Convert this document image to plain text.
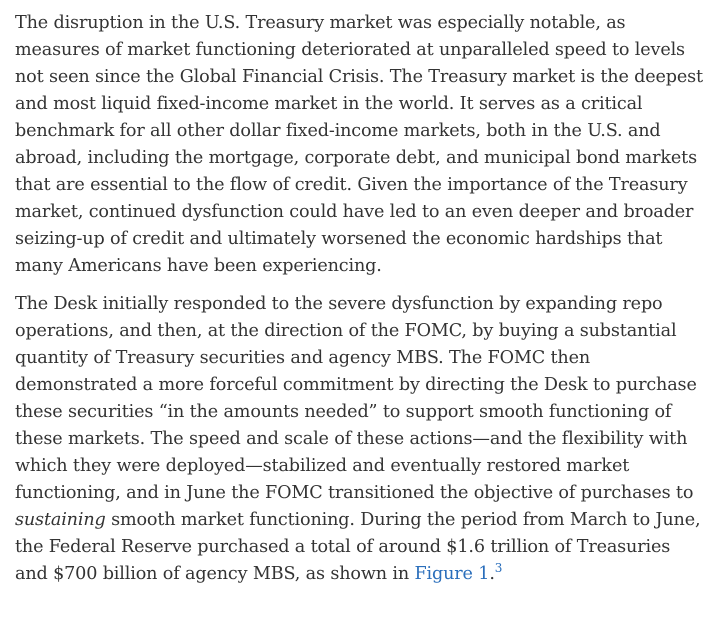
The disruption in the U.S. Treasury market was especially notable, as measures of market functioning deteriorated at unparalleled speed to levels not seen since the Global Financial Crisis. The Treasury market is the deepest and most liquid fixed-income market in the world. It serves as a critical benchmark for all other dollar fixed-income markets, both in the U.S. and abroad, including the mortgage, corporate debt, and municipal bond markets that are essential to the flow of credit. Given the importance of the Treasury market, continued dysfunction could have led to an even deeper and broader seizing-up of credit and ultimately worsened the economic hardships that many Americans have been experiencing.

The Desk initially responded to the severe dysfunction by expanding repo operations, and then, at the direction of the FOMC, by buying a substantial quantity of Treasury securities and agency MBS. The FOMC then demonstrated a more forceful commitment by directing the Desk to purchase these securities “in the amounts needed” to support smooth functioning of these markets. The speed and scale of these actions—and the flexibility with which they were deployed—stabilized and eventually restored market functioning, and in June the FOMC transitioned the objective of purchases to sustaining smooth market functioning. During the period from March to June, the Federal Reserve purchased a total of around $1.6 trillion of Treasuries and $700 billion of agency MBS, as shown in Figure 1.$^3$
